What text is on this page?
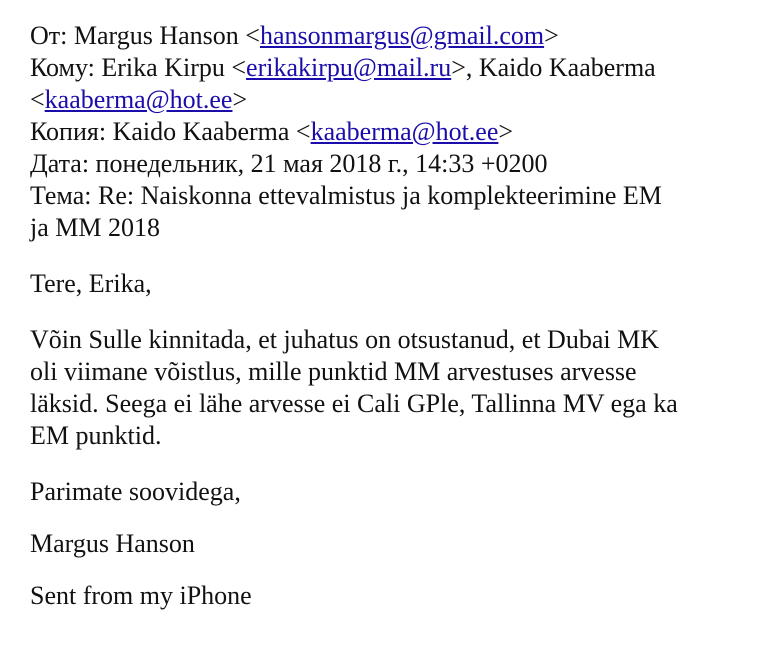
От: Margus Hanson <hansonmargus@gmail.com>
Кому: Erika Kirpu <erikakirpu@mail.ru>, Kaido Kaaberma
<kaaberma@hot.ee>
Копия: Kaido Kaaberma <kaaberma@hot.ee>
Дата: понедельник, 21 мая 2018 г., 14:33 +0200
Тема: Re: Naiskonna ettevalmistus ja komplekteerimine EM
ja MM 2018
Tere, Erika,
Võin Sulle kinnitada, et juhatus on otsustanud, et Dubai MK
oli viimane võistlus, mille punktid MM arvestuses arvesse
läksid. Seega ei lähe arvesse ei Cali GPle, Tallinna MV ega ka
EM punktid.
Parimate soovidega,
Margus Hanson
Sent from my iPhone
